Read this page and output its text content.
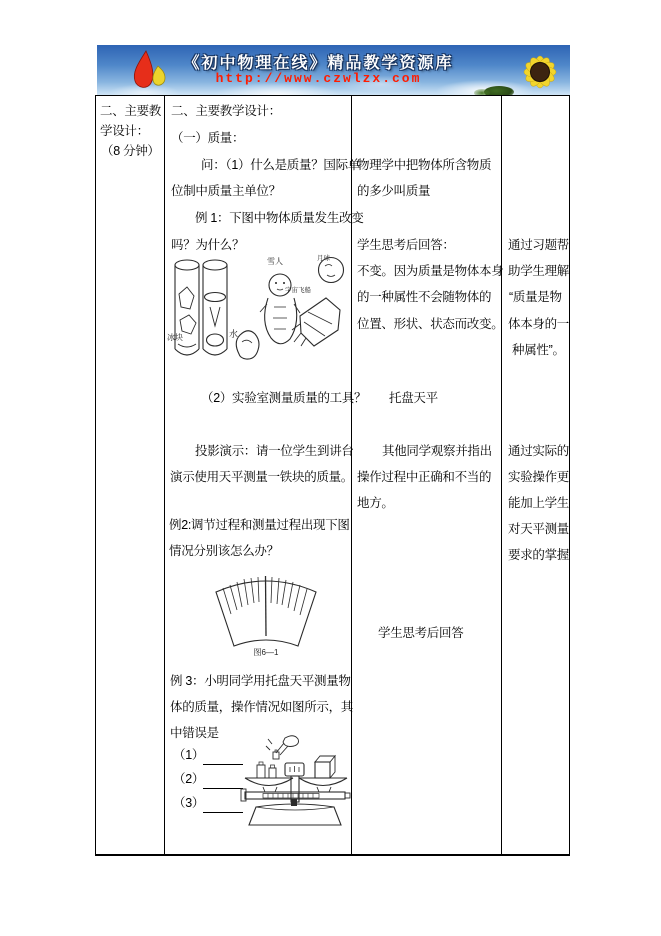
《初中物理在线》精品教学资源库
http://www.czwlzx.com
二、主要教
学设计：
（8 分钟）
二、主要教学设计：
（一）质量：
问：（1）什么是质量？国际单
位制中质量主单位？
例 1：下图中物体质量发生改变
吗？为什么？
冰块	水
雪人
宇宙飞船
月球
（2）实验室测量质量的工具？
投影演示：请一位学生到讲台
演示使用天平测量一铁块的质量。
例2:调节过程和测量过程出现下图
情况分别该怎么办？
图6—1
例 3：小明同学用托盘天平测量物
体的质量，操作情况如图所示，其
中错误是
（1）
（2）
（3）
物理学中把物体所含物质
的多少叫质量
学生思考后回答：
不变。因为质量是物体本身
的一种属性不会随物体的
位置、形状、状态而改变。
托盘天平
其他同学观察并指出
操作过程中正确和不当的
地方。
学生思考后回答
通过习题帮
助学生理解
“质量是物
体本身的一
种属性”。
通过实际的
实验操作更
能加上学生
对天平测量
要求的掌握
